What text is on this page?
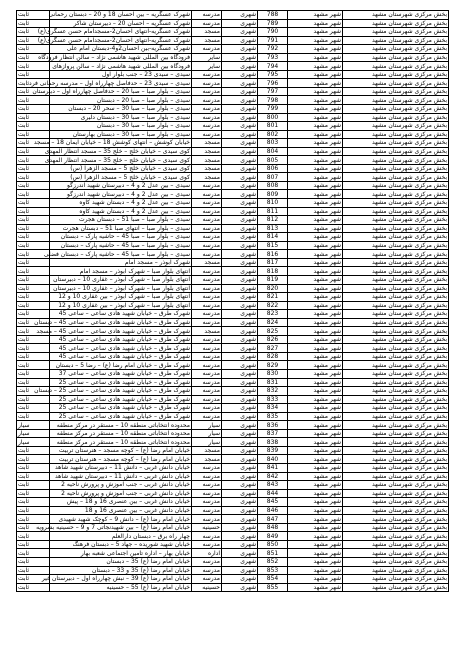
ثابت	شهرک عسگریه – بین احسان 18 و 20 – دبستان رحمانی	مدرسه	شهری	788	شهر مشهد	بخش مرکزی شهرستان مشهد
ثابت	شهرک عسگریه – احسان 20 – دبیرستان شاکر	مدرسه	شهری	789	شهر مشهد	بخش مرکزی شهرستان مشهد
ثابت	شهرک عسگریه-انتهای احسان2-مسجدامام حسن عسگری(ع)	مسجد	شهری	790	شهر مشهد	بخش مرکزی شهرستان مشهد
ثابت	شهرک عسگریه-انتهای احسان2-مسجدامام حسن عسگری(ع)	مسجد	شهری	791	شهر مشهد	بخش مرکزی شهرستان مشهد
ثابت	شهرک عسگریه-بین احسان2و4-دبستان امام علی	مدرسه	شهری	792	شهر مشهد	بخش مرکزی شهرستان مشهد
ثابت	فرودگاه بین المللی شهید هاشمی نژاد – سالن انتظار فرودگاه	سایر	شهری	793	شهر مشهد	بخش مرکزی شهرستان مشهد
ثابت	فرودگاه بین المللی شهید هاشمی نژاد – سالن پروازهای	سایر	شهری	794	شهر مشهد	بخش مرکزی شهرستان مشهد
ثابت	سیدی – سیدی 23 – جنب بلوار اول	مدرسه	شهری	795	شهر مشهد	بخش مرکزی شهرستان مشهد
ثابت	سیدی – سیدی 23 – حدفاصل چهارراه اول – مدرسه رحمانی فرد	مدرسه	شهری	796	شهر مشهد	بخش مرکزی شهرستان مشهد
ثابت	سیدی – بلوار صبا – صبا 20 – حدفاصل چهارراه اول – دبیرستان	مدرسه	شهری	797	شهر مشهد	بخش مرکزی شهرستان مشهد
ثابت	سیدی – بلوار صبا – صبا 20 – دبستان	مدرسه	شهری	798	شهر مشهد	بخش مرکزی شهرستان مشهد
ثابت	سیدی – بلوار صبا – صبا 30 – سحر 20 – دبستان	مدرسه	شهری	799	شهر مشهد	بخش مرکزی شهرستان مشهد
ثابت	سیدی – بلوار صبا – صبا 30 – دبستان دلیری	مدرسه	شهری	800	شهر مشهد	بخش مرکزی شهرستان مشهد
ثابت	سیدی – بلوار صبا – صبا 30 – دبستان	مدرسه	شهری	801	شهر مشهد	بخش مرکزی شهرستان مشهد
ثابت	سیدی – بلوار صبا – صبا 30 – دبستان بهارستان	مدرسه	شهری	802	شهر مشهد	بخش مرکزی شهرستان مشهد
ثابت	خیابان کوشش – انتهای کوشش 18 – خیابان ایمان 18 – مسجد	مسجد	شهری	803	شهر مشهد	بخش مرکزی شهرستان مشهد
ثابت	کوی سیدی – خیابان خلج – خلج 35 – مسجد انتظار المهدی	مسجد	شهری	804	شهر مشهد	بخش مرکزی شهرستان مشهد
ثابت	کوی سیدی – خیابان خلج – خلج 35 – مسجد انتظار المهدی	مسجد	شهری	805	شهر مشهد	بخش مرکزی شهرستان مشهد
ثابت	کوی سیدی – خیابان خلج 5 – مسجد الزهرا (س)	مسجد	شهری	806	شهر مشهد	بخش مرکزی شهرستان مشهد
ثابت	کوی سیدی – خیابان خلج 5 – مسجد الزهرا (س)	مسجد	شهری	807	شهر مشهد	بخش مرکزی شهرستان مشهد
ثابت	سیدی – بین عدل 2 و 4 – دبیرستان شهید اندرزگو	مدرسه	شهری	808	شهر مشهد	بخش مرکزی شهرستان مشهد
ثابت	سیدی – بین عدل 2 و 4 – دبیرستان شهید اندرزگو	مدرسه	شهری	809	شهر مشهد	بخش مرکزی شهرستان مشهد
ثابت	سیدی – بین عدل 2 و 4 – دبستان شهید کاوه	مدرسه	شهری	810	شهر مشهد	بخش مرکزی شهرستان مشهد
ثابت	سیدی – بین عدل 2 و 4 – دبستان شهید کاوه	مدرسه	شهری	811	شهر مشهد	بخش مرکزی شهرستان مشهد
ثابت	سیدی – بلوار صبا – صبا 51 – دبستان هجرت	مدرسه	شهری	812	شهر مشهد	بخش مرکزی شهرستان مشهد
ثابت	سیدی – بلوار صبا – انتهای صبا 51 – دبستان هجرت	مدرسه	شهری	813	شهر مشهد	بخش مرکزی شهرستان مشهد
ثابت	سیدی – بلوار صبا – صبا 45 – حاشیه پارک – دبستان	مدرسه	شهری	814	شهر مشهد	بخش مرکزی شهرستان مشهد
ثابت	سیدی – بلوار صبا – صبا 45 – حاشیه پارک – دبستان	مدرسه	شهری	815	شهر مشهد	بخش مرکزی شهرستان مشهد
ثابت	سیدی – بلوار صبا – صبا 45 – حاشیه پارک – دبستان فضلی	مدرسه	شهری	816	شهر مشهد	بخش مرکزی شهرستان مشهد
ثابت	شهرک ابوذر – مسجد امام	مسجد	شهری	817	شهر مشهد	بخش مرکزی شهرستان مشهد
ثابت	انتهای بلوار صبا – شهرک ابوذر – مسجد امام	مدرسه	شهری	818	شهر مشهد	بخش مرکزی شهرستان مشهد
ثابت	انتهای بلوار صبا – شهرک ابوذر – غفاری 10 – دبیرستان	مدرسه	شهری	819	شهر مشهد	بخش مرکزی شهرستان مشهد
ثابت	انتهای بلوار صبا – شهرک ابوذر – غفاری 10 – دبیرستان	مدرسه	شهری	820	شهر مشهد	بخش مرکزی شهرستان مشهد
ثابت	انتهای بلوار صبا – شهرک ابوذر – بین غفاری 10 و 12	مدرسه	شهری	821	شهر مشهد	بخش مرکزی شهرستان مشهد
ثابت	انتهای بلوار صبا – شهرک ابوذر – بین غفاری 10 و 12	مدرسه	شهری	822	شهر مشهد	بخش مرکزی شهرستان مشهد
ثابت	شهرک طرق – خیابان شهید هادی ساعی – ساعی 45	مدرسه	شهری	823	شهر مشهد	بخش مرکزی شهرستان مشهد
ثابت	شهرک طرق – خیابان شهید هادی ساعی – ساعی 45 – دبستان	مدرسه	شهری	824	شهر مشهد	بخش مرکزی شهرستان مشهد
ثابت	شهرک طرق – خیابان شهید هادی ساعی – ساعی 45 – مسجد	مسجد	شهری	825	شهر مشهد	بخش مرکزی شهرستان مشهد
ثابت	شهرک طرق – خیابان شهید هادی ساعی – ساعی 45	مدرسه	شهری	826	شهر مشهد	بخش مرکزی شهرستان مشهد
ثابت	شهرک طرق – خیابان شهید هادی ساعی – ساعی 45	مدرسه	شهری	827	شهر مشهد	بخش مرکزی شهرستان مشهد
ثابت	شهرک طرق – خیابان شهید هادی ساعی – ساعی 45	مدرسه	شهری	828	شهر مشهد	بخش مرکزی شهرستان مشهد
ثابت	شهرک طرق – خیابان امام رضا (ع) – رضا 5 – دبستان	مدرسه	شهری	829	شهر مشهد	بخش مرکزی شهرستان مشهد
ثابت	شهرک طرق – خیابان شهید هادی ساعی – ساعی 37	مدرسه	شهری	830	شهر مشهد	بخش مرکزی شهرستان مشهد
ثابت	شهرک طرق – خیابان شهید هادی ساعی – ساعی 25	مدرسه	شهری	831	شهر مشهد	بخش مرکزی شهرستان مشهد
ثابت	شهرک طرق – خیابان شهید هادی ساعی – ساعی 25 – دبستان	مدرسه	شهری	832	شهر مشهد	بخش مرکزی شهرستان مشهد
ثابت	شهرک طرق – خیابان شهید هادی ساعی – ساعی 25	مدرسه	شهری	833	شهر مشهد	بخش مرکزی شهرستان مشهد
ثابت	شهرک طرق – خیابان شهید هادی ساعی – ساعی 25	مدرسه	شهری	834	شهر مشهد	بخش مرکزی شهرستان مشهد
ثابت	شهرک طرق – خیابان شهید هادی ساعی – ساعی 25	مدرسه	شهری	835	شهر مشهد	بخش مرکزی شهرستان مشهد
سیار	محدوده انتخاباتی منطقه 10 – مستقر در مرکز منطقه	سیار	شهری	836	شهر مشهد	بخش مرکزی شهرستان مشهد
سیار	محدوده انتخاباتی منطقه 10 – مستقر در مرکز منطقه	سیار	شهری	837	شهر مشهد	بخش مرکزی شهرستان مشهد
سیار	محدوده انتخاباتی منطقه 10 – مستقر در مرکز منطقه	سیار	شهری	838	شهر مشهد	بخش مرکزی شهرستان مشهد
ثابت	خیابان امام رضا (ع) – کوچه مسجد – هنرستان تربیت	مسجد	شهری	839	شهر مشهد	بخش مرکزی شهرستان مشهد
ثابت	خیابان امام رضا (ع) – کوچه مسجد – هنرستان تربیت	مسجد	شهری	840	شهر مشهد	بخش مرکزی شهرستان مشهد
ثابت	خیابان دانش غربی – دانش 11 – دبیرستان شهید شاهد	مدرسه	شهری	841	شهر مشهد	بخش مرکزی شهرستان مشهد
ثابت	خیابان دانش غربی – دانش 11 – دبیرستان شهید شاهد	مدرسه	شهری	842	شهر مشهد	بخش مرکزی شهرستان مشهد
ثابت	خیابان دانش غربی – جنب آموزش و پرورش ناحیه 2	مدرسه	شهری	843	شهر مشهد	بخش مرکزی شهرستان مشهد
ثابت	خیابان دانش غربی – جنب آموزش و پرورش ناحیه 2	مدرسه	شهری	844	شهر مشهد	بخش مرکزی شهرستان مشهد
ثابت	خیابان دانش غربی – بین عنصری 16 و 18 – پیش	مدرسه	شهری	845	شهر مشهد	بخش مرکزی شهرستان مشهد
ثابت	خیابان دانش غربی – بین عنصری 16 و 18	مدرسه	شهری	846	شهر مشهد	بخش مرکزی شهرستان مشهد
ثابت	خیابان امام رضا (ع) – دانش 9 – کوچک شهید شهیدی	مدرسه	شهری	847	شهر مشهد	بخش مرکزی شهرستان مشهد
ثابت	خیابان امام رضا (ع) – بین شهیدنجاتی 7 و 9 – حسینیه بشرویه	حسینیه	شهری	848	شهر مشهد	بخش مرکزی شهرستان مشهد
ثابت	چهار راه برق – دبستان دارالعلم	مدرسه	شهری	849	شهر مشهد	بخش مرکزی شهرستان مشهد
ثابت	خیابان شهید شوریده – جهاد 5 – دبستان فرهنگ	مدرسه	شهری	850	شهر مشهد	بخش مرکزی شهرستان مشهد
ثابت	خیابان بهار – اداره تامین اجتماعی شعبه بهار	اداره	شهری	851	شهر مشهد	بخش مرکزی شهرستان مشهد
ثابت	خیابان امام رضا (ع) 35 – دبستان	مدرسه	شهری	852	شهر مشهد	بخش مرکزی شهرستان مشهد
ثابت	خیابان امام رضا (ع) 35 و 33 – دبستان	مدرسه	شهری	853	شهر مشهد	بخش مرکزی شهرستان مشهد
ثابت	خیابان امام رضا (ع) 39 – نبش چهارراه اول – دبیرستان غیر	مدرسه	شهری	854	شهر مشهد	بخش مرکزی شهرستان مشهد
ثابت	خیابان امام رضا (ع) 55 – حسینیه	حسینیه	شهری	855	شهر مشهد	بخش مرکزی شهرستان مشهد
